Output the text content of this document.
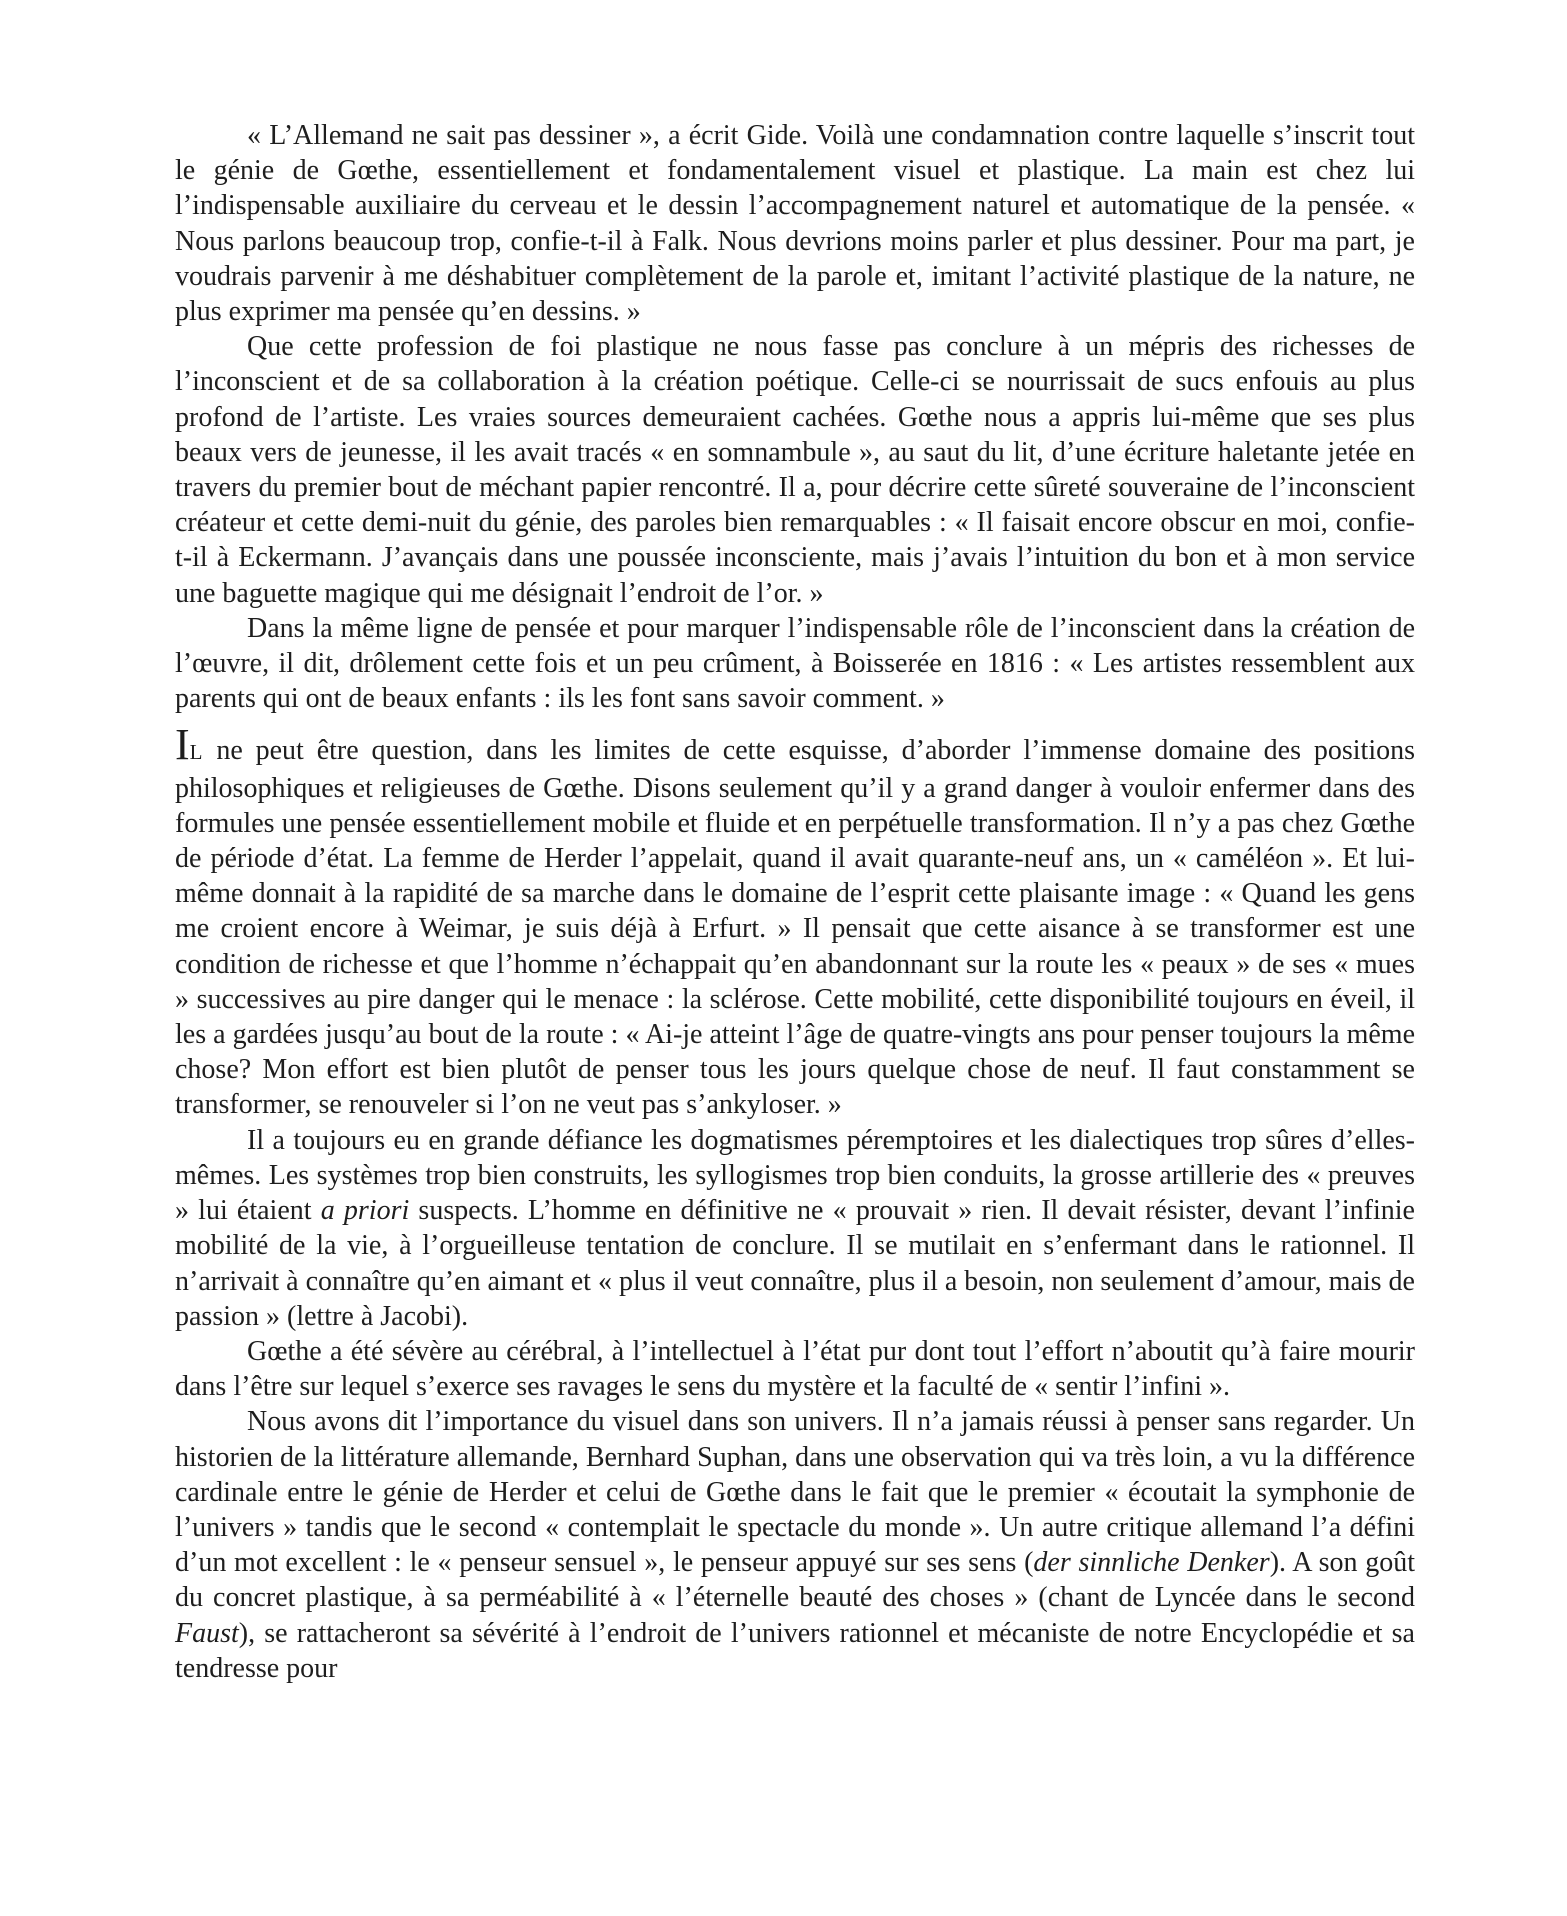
« L’Allemand ne sait pas dessiner », a écrit Gide. Voilà une condamnation contre laquelle s’inscrit tout le génie de Gœthe, essentiellement et fondamentalement visuel et plastique. La main est chez lui l’indispensable auxiliaire du cerveau et le dessin l’accompagnement naturel et automatique de la pensée. « Nous parlons beaucoup trop, confie-t-il à Falk. Nous devrions moins parler et plus dessiner. Pour ma part, je voudrais parvenir à me déshabituer complètement de la parole et, imitant l’activité plastique de la nature, ne plus exprimer ma pensée qu’en dessins. »

Que cette profession de foi plastique ne nous fasse pas conclure à un mépris des richesses de l’inconscient et de sa collaboration à la création poétique. Celle-ci se nourrissait de sucs enfouis au plus profond de l’artiste. Les vraies sources demeuraient cachées. Gœthe nous a appris lui-même que ses plus beaux vers de jeunesse, il les avait tracés « en somnambule », au saut du lit, d’une écriture haletante jetée en travers du premier bout de méchant papier rencontré. Il a, pour décrire cette sûreté souveraine de l’inconscient créateur et cette demi-nuit du génie, des paroles bien remarquables : « Il faisait encore obscur en moi, confie-t-il à Eckermann. J’avançais dans une poussée inconsciente, mais j’avais l’intuition du bon et à mon service une baguette magique qui me désignait l’endroit de l’or. »

Dans la même ligne de pensée et pour marquer l’indispensable rôle de l’inconscient dans la création de l’œuvre, il dit, drôlement cette fois et un peu crûment, à Boisserée en 1816 : « Les artistes ressemblent aux parents qui ont de beaux enfants : ils les font sans savoir comment. »

IL ne peut être question, dans les limites de cette esquisse, d’aborder l’immense domaine des positions philosophiques et religieuses de Gœthe. Disons seulement qu’il y a grand danger à vouloir enfermer dans des formules une pensée essentiellement mobile et fluide et en perpétuelle transformation. Il n’y a pas chez Gœthe de période d’état. La femme de Herder l’appelait, quand il avait quarante-neuf ans, un « caméléon ». Et lui-même donnait à la rapidité de sa marche dans le domaine de l’esprit cette plaisante image : « Quand les gens me croient encore à Weimar, je suis déjà à Erfurt. » Il pensait que cette aisance à se transformer est une condition de richesse et que l’homme n’échappait qu’en abandonnant sur la route les « peaux » de ses « mues » successives au pire danger qui le menace : la sclérose. Cette mobilité, cette disponibilité toujours en éveil, il les a gardées jusqu’au bout de la route : « Ai-je atteint l’âge de quatre-vingts ans pour penser toujours la même chose? Mon effort est bien plutôt de penser tous les jours quelque chose de neuf. Il faut constamment se transformer, se renouveler si l’on ne veut pas s’ankyloser. »

Il a toujours eu en grande défiance les dogmatismes péremptoires et les dialectiques trop sûres d’elles-mêmes. Les systèmes trop bien construits, les syllogismes trop bien conduits, la grosse artillerie des « preuves » lui étaient a priori suspects. L’homme en définitive ne « prouvait » rien. Il devait résister, devant l’infinie mobilité de la vie, à l’orgueilleuse tentation de conclure. Il se mutilait en s’enfermant dans le rationnel. Il n’arrivait à connaître qu’en aimant et « plus il veut connaître, plus il a besoin, non seulement d’amour, mais de passion » (lettre à Jacobi).

Gœthe a été sévère au cérébral, à l’intellectuel à l’état pur dont tout l’effort n’aboutit qu’à faire mourir dans l’être sur lequel s’exerce ses ravages le sens du mystère et la faculté de « sentir l’infini ».

Nous avons dit l’importance du visuel dans son univers. Il n’a jamais réussi à penser sans regarder. Un historien de la littérature allemande, Bernhard Suphan, dans une observation qui va très loin, a vu la différence cardinale entre le génie de Herder et celui de Gœthe dans le fait que le premier « écoutait la symphonie de l’univers » tandis que le second « contemplait le spectacle du monde ». Un autre critique allemand l’a défini d’un mot excellent : le « penseur sensuel », le penseur appuyé sur ses sens (der sinnliche Denker). A son goût du concret plastique, à sa perméabilité à « l’éternelle beauté des choses » (chant de Lyncée dans le second Faust), se rattacheront sa sévérité à l’endroit de l’univers rationnel et mécaniste de notre Encyclopédie et sa tendresse pour
